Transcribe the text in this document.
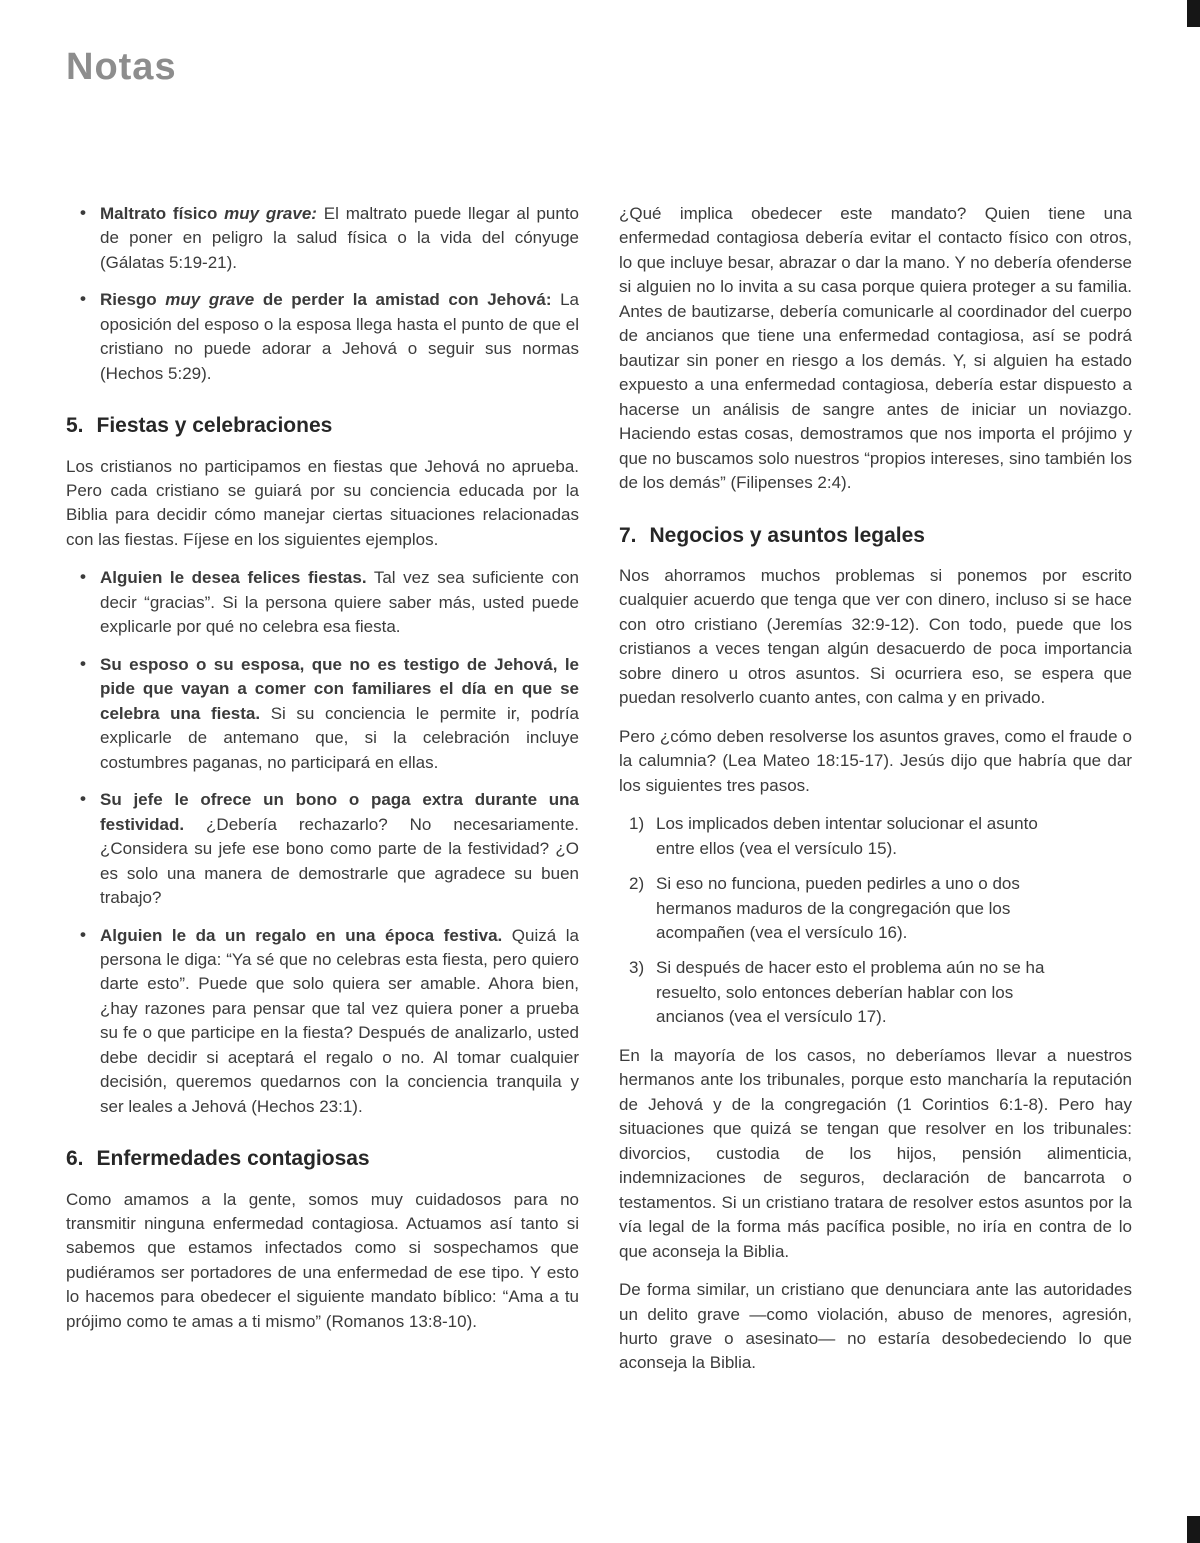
Notas
• Maltrato físico muy grave: El maltrato puede llegar al punto de poner en peligro la salud física o la vida del cónyuge (Gálatas 5:19-21).

• Riesgo muy grave de perder la amistad con Jehová: La oposición del esposo o la esposa llega hasta el punto de que el cristiano no puede adorar a Jehová o seguir sus normas (Hechos 5:29).

5. Fiestas y celebraciones

Los cristianos no participamos en fiestas que Jehová no aprueba. Pero cada cristiano se guiará por su conciencia educada por la Biblia para decidir cómo manejar ciertas situaciones relacionadas con las fiestas. Fíjese en los siguientes ejemplos.

• Alguien le desea felices fiestas. Tal vez sea suficiente con decir “gracias”. Si la persona quiere saber más, usted puede explicarle por qué no celebra esa fiesta.

• Su esposo o su esposa, que no es testigo de Jehová, le pide que vayan a comer con familiares el día en que se celebra una fiesta. Si su conciencia le permite ir, podría explicarle de antemano que, si la celebración incluye costumbres paganas, no participará en ellas.

• Su jefe le ofrece un bono o paga extra durante una festividad. ¿Debería rechazarlo? No necesariamente. ¿Considera su jefe ese bono como parte de la festividad? ¿O es solo una manera de demostrarle que agradece su buen trabajo?

• Alguien le da un regalo en una época festiva. Quizá la persona le diga: “Ya sé que no celebras esta fiesta, pero quiero darte esto”. Puede que solo quiera ser amable. Ahora bien, ¿hay razones para pensar que tal vez quiera poner a prueba su fe o que participe en la fiesta? Después de analizarlo, usted debe decidir si aceptará el regalo o no. Al tomar cualquier decisión, queremos quedarnos con la conciencia tranquila y ser leales a Jehová (Hechos 23:1).

6. Enfermedades contagiosas

Como amamos a la gente, somos muy cuidadosos para no transmitir ninguna enfermedad contagiosa. Actuamos así tanto si sabemos que estamos infectados como si sospechamos que pudiéramos ser portadores de una enfermedad de ese tipo. Y esto lo hacemos para obedecer el siguiente mandato bíblico: “Ama a tu prójimo como te amas a ti mismo” (Romanos 13:8-10).

¿Qué implica obedecer este mandato? Quien tiene una enfermedad contagiosa debería evitar el contacto físico con otros, lo que incluye besar, abrazar o dar la mano. Y no debería ofenderse si alguien no lo invita a su casa porque quiera proteger a su familia. Antes de bautizarse, debería comunicarle al coordinador del cuerpo de ancianos que tiene una enfermedad contagiosa, así se podrá bautizar sin poner en riesgo a los demás. Y, si alguien ha estado expuesto a una enfermedad contagiosa, debería estar dispuesto a hacerse un análisis de sangre antes de iniciar un noviazgo. Haciendo estas cosas, demostramos que nos importa el prójimo y que no buscamos solo nuestros “propios intereses, sino también los de los demás” (Filipenses 2:4).

7. Negocios y asuntos legales

Nos ahorramos muchos problemas si ponemos por escrito cualquier acuerdo que tenga que ver con dinero, incluso si se hace con otro cristiano (Jeremías 32:9-12). Con todo, puede que los cristianos a veces tengan algún desacuerdo de poca importancia sobre dinero u otros asuntos. Si ocurriera eso, se espera que puedan resolverlo cuanto antes, con calma y en privado.

Pero ¿cómo deben resolverse los asuntos graves, como el fraude o la calumnia? (Lea Mateo 18:15-17). Jesús dijo que habría que dar los siguientes tres pasos.

1) Los implicados deben intentar solucionar el asunto entre ellos (vea el versículo 15).
2) Si eso no funciona, pueden pedirles a uno o dos hermanos maduros de la congregación que los acompañen (vea el versículo 16).
3) Si después de hacer esto el problema aún no se ha resuelto, solo entonces deberían hablar con los ancianos (vea el versículo 17).

En la mayoría de los casos, no deberíamos llevar a nuestros hermanos ante los tribunales, porque esto mancharía la reputación de Jehová y de la congregación (1 Corintios 6:1-8). Pero hay situaciones que quizá se tengan que resolver en los tribunales: divorcios, custodia de los hijos, pensión alimenticia, indemnizaciones de seguros, declaración de bancarrota o testamentos. Si un cristiano tratara de resolver estos asuntos por la vía legal de la forma más pacífica posible, no iría en contra de lo que aconseja la Biblia.

De forma similar, un cristiano que denunciara ante las autoridades un delito grave —como violación, abuso de menores, agresión, hurto grave o asesinato— no estaría desobedeciendo lo que aconseja la Biblia.
